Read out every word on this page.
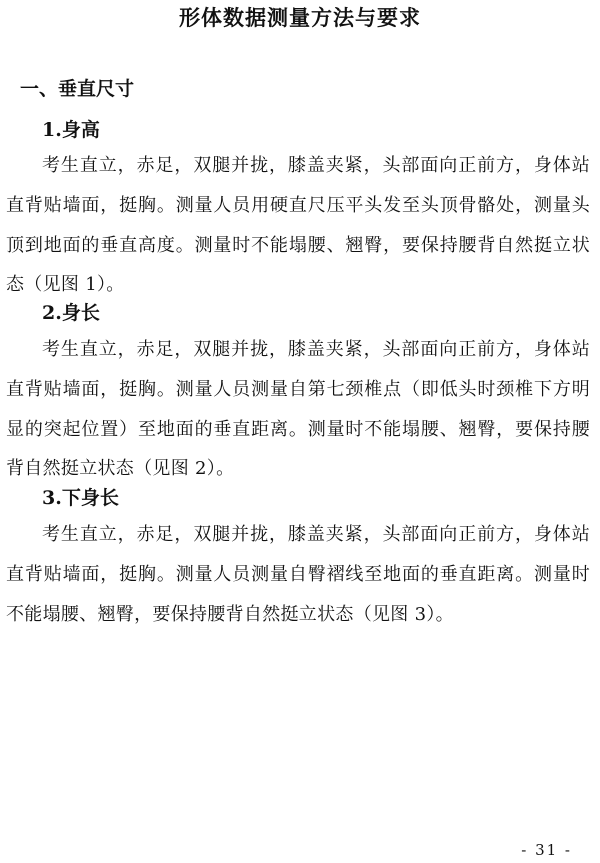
形体数据测量方法与要求
一、垂直尺寸
1.身高

考生直立，赤足，双腿并拢，膝盖夹紧，头部面向正前方，身体站直背贴墙面，挺胸。测量人员用硬直尺压平头发至头顶骨骼处，测量头顶到地面的垂直高度。测量时不能塌腰、翘臀，要保持腰背自然挺立状态（见图 1）。

2.身长

考生直立，赤足，双腿并拢，膝盖夹紧，头部面向正前方，身体站直背贴墙面，挺胸。测量人员测量自第七颈椎点（即低头时颈椎下方明显的突起位置）至地面的垂直距离。测量时不能塌腰、翘臀，要保持腰背自然挺立状态（见图 2）。

3.下身长

考生直立，赤足，双腿并拢，膝盖夹紧，头部面向正前方，身体站直背贴墙面，挺胸。测量人员测量自臀褶线至地面的垂直距离。测量时不能塌腰、翘臀，要保持腰背自然挺立状态（见图 3）。

- 31 -
